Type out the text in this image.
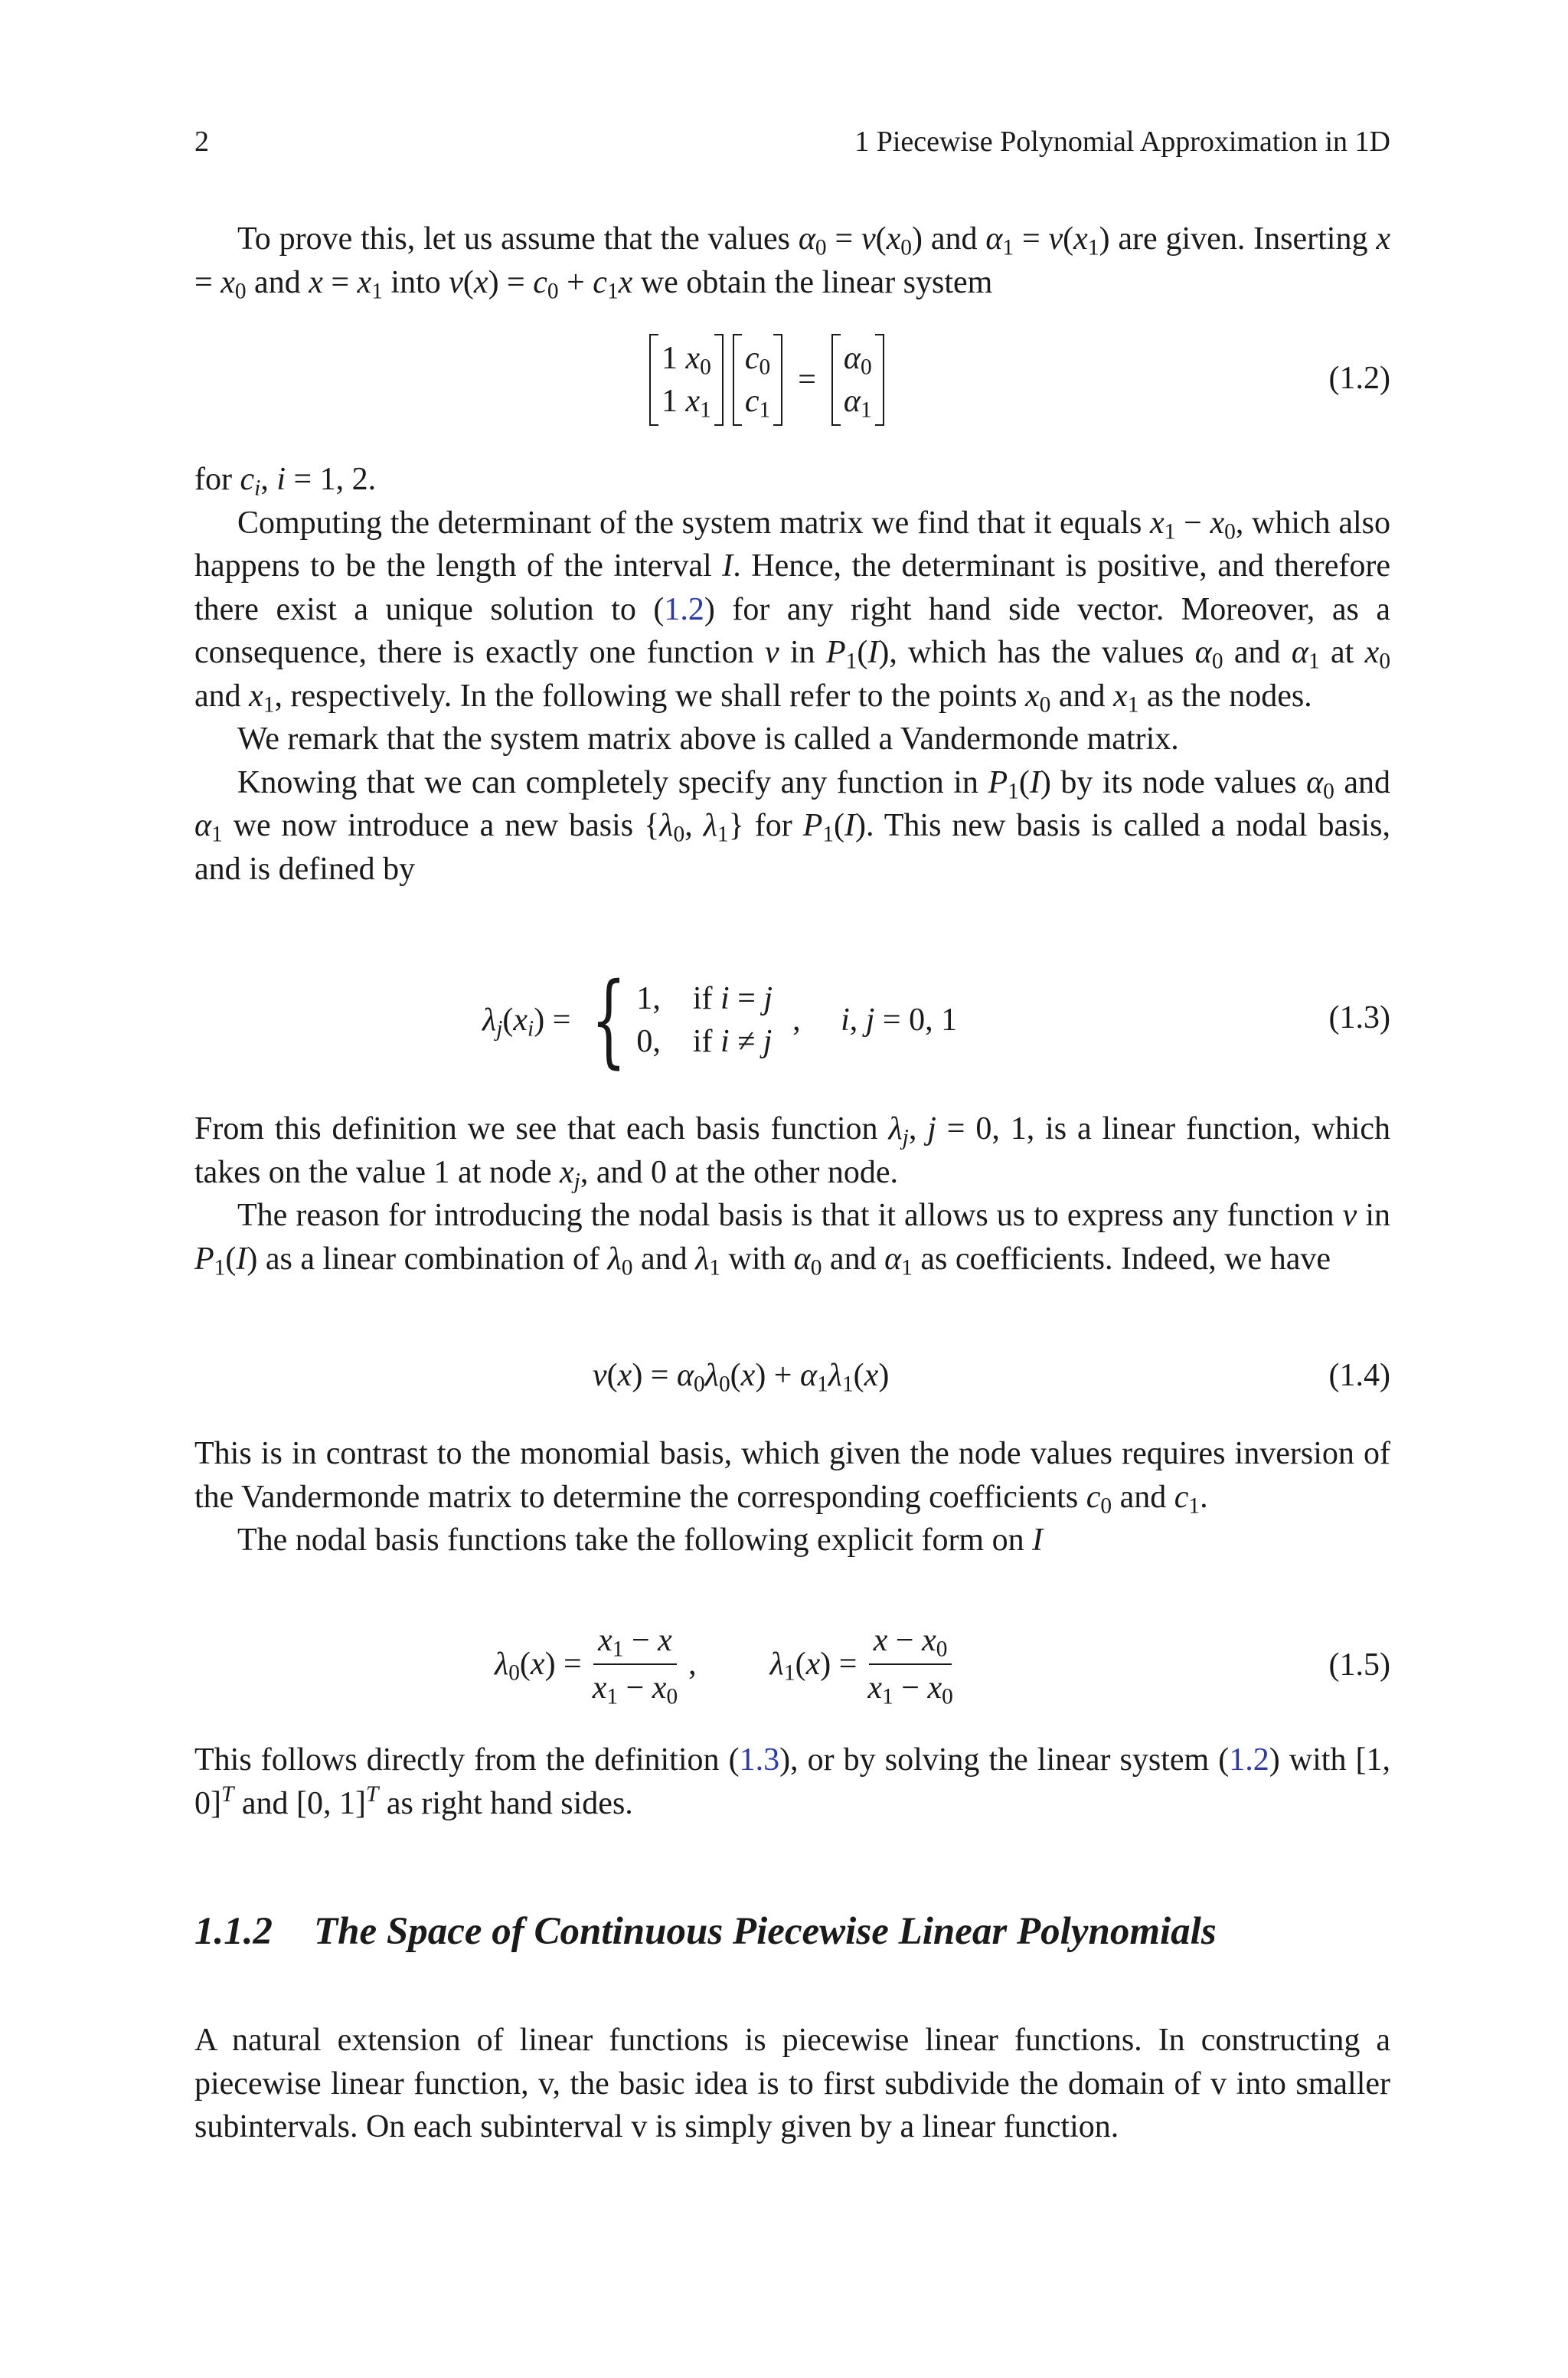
2	1 Piecewise Polynomial Approximation in 1D

To prove this, let us assume that the values $\alpha_0 = v(x_0)$ and $\alpha_1 = v(x_1)$ are given. Inserting $x = x_0$ and $x = x_1$ into $v(x) = c_0 + c_1x$ we obtain the linear system

1 $x_0$
1 $x_1$
$c_0$
$c_1$
=
$\alpha_0$
$\alpha_1$
(1.2)

for $c_i$, i = 1, 2.

Computing the determinant of the system matrix we find that it equals $x_1 - x_0$, which also happens to be the length of the interval I. Hence, the determinant is positive, and therefore there exist a unique solution to (1.2) for any right hand side vector. Moreover, as a consequence, there is exactly one function v in $P_1(I)$, which has the values $\alpha_0$ and $\alpha_1$ at $x_0$ and $x_1$, respectively. In the following we shall refer to the points $x_0$ and $x_1$ as the nodes.

We remark that the system matrix above is called a Vandermonde matrix.

Knowing that we can completely specify any function in $P_1(I)$ by its node values $\alpha_0$ and $\alpha_1$ we now introduce a new basis {$\lambda_0$, $\lambda_1$} for $P_1(I)$. This new basis is called a nodal basis, and is defined by

$\lambda_j(x_i)$ = { 1,    if i = j
0,    if i ≠ j
,     i, j = 0, 1	(1.3)

From this definition we see that each basis function $\lambda_j$, j = 0, 1, is a linear function, which takes on the value 1 at node $x_j$, and 0 at the other node.

The reason for introducing the nodal basis is that it allows us to express any function v in $P_1(I)$ as a linear combination of $\lambda_0$ and $\lambda_1$ with $\alpha_0$ and $\alpha_1$ as coefficients. Indeed, we have

$v(x) = \alpha_0\lambda_0(x) + \alpha_1\lambda_1(x)$	(1.4)

This is in contrast to the monomial basis, which given the node values requires inversion of the Vandermonde matrix to determine the corresponding coefficients $c_0$ and $c_1$.

The nodal basis functions take the following explicit form on I

$\lambda_0(x) = \frac{x_1 - x}{x_1 - x_0}$ , $\lambda_1(x) = \frac{x - x_0}{x_1 - x_0}$	(1.5)

This follows directly from the definition (1.3), or by solving the linear system (1.2) with [1, 0]$^T$ and [0, 1]$^T$ as right hand sides.

1.1.2 The Space of Continuous Piecewise Linear Polynomials

A natural extension of linear functions is piecewise linear functions. In constructing a piecewise linear function, v, the basic idea is to first subdivide the domain of v into smaller subintervals. On each subinterval v is simply given by a linear function.
